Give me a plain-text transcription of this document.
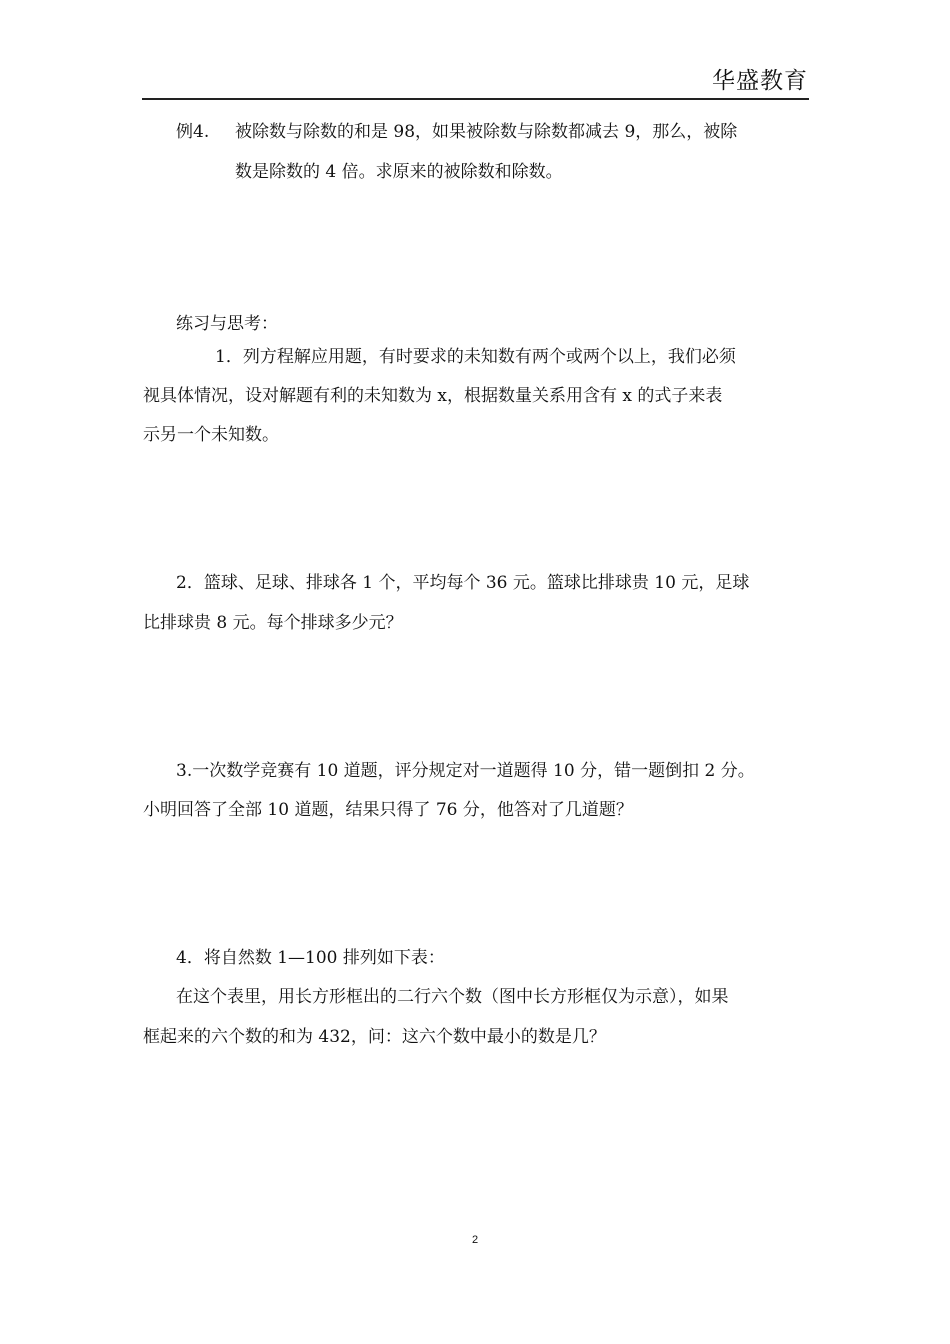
华盛教育
例4. 被除数与除数的和是 98，如果被除数与除数都减去 9，那么，被除
数是除数的 4 倍。求原来的被除数和除数。
练习与思考：
1．列方程解应用题，有时要求的未知数有两个或两个以上，我们必须
视具体情况，设对解题有利的未知数为 x，根据数量关系用含有 x 的式子来表
示另一个未知数。
2．篮球、足球、排球各 1 个，平均每个 36 元。篮球比排球贵 10 元，足球
比排球贵 8 元。每个排球多少元？
3.一次数学竞赛有 10 道题，评分规定对一道题得 10 分，错一题倒扣 2 分。
小明回答了全部 10 道题，结果只得了 76 分，他答对了几道题？
4．将自然数 1—100 排列如下表：
在这个表里，用长方形框出的二行六个数（图中长方形框仅为示意），如果
框起来的六个数的和为 432，问：这六个数中最小的数是几？
2
